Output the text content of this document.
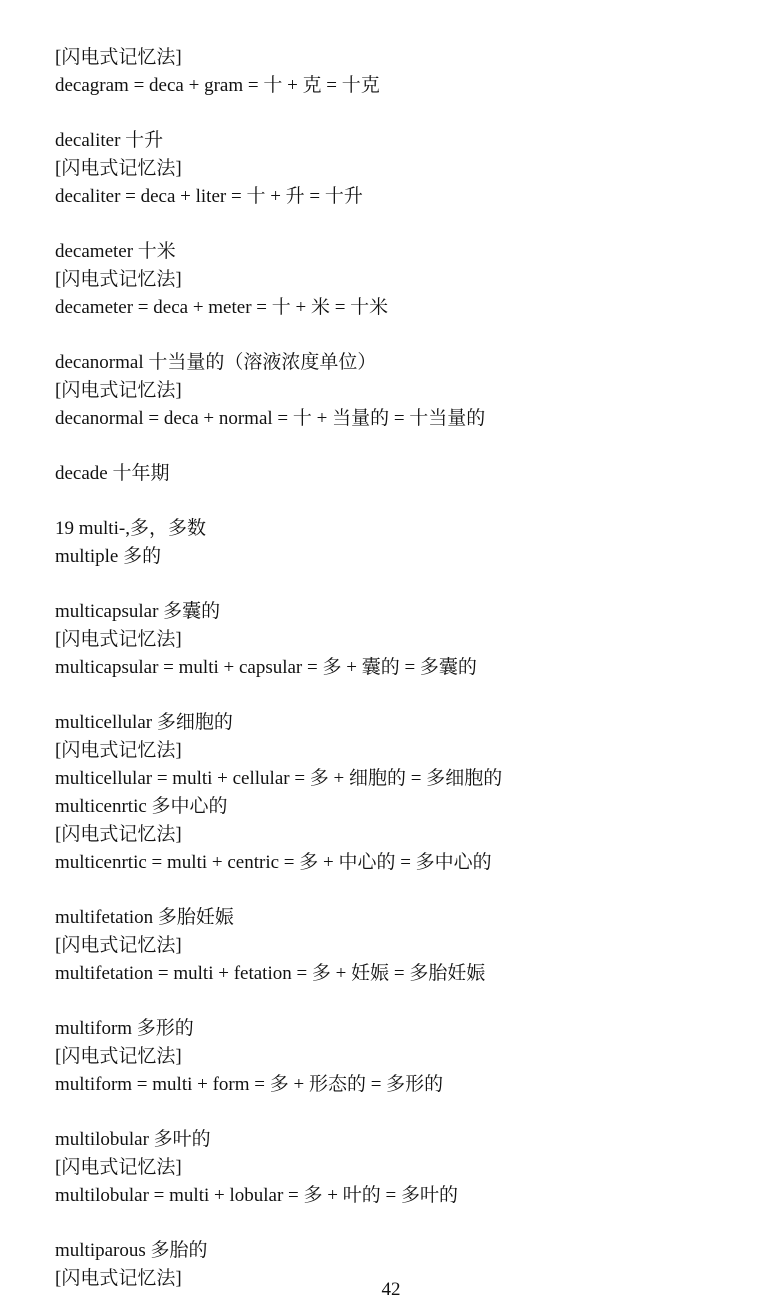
[闪电式记忆法]
decagram = deca + gram = 十 + 克 = 十克
decaliter 十升
[闪电式记忆法]
decaliter = deca + liter = 十 + 升 = 十升
decameter 十米
[闪电式记忆法]
decameter = deca + meter = 十 + 米 = 十米
decanormal 十当量的（溶液浓度单位）
[闪电式记忆法]
decanormal = deca + normal = 十 + 当量的 = 十当量的
decade 十年期
19 multi-,多，多数
multiple 多的
multicapsular 多囊的
[闪电式记忆法]
multicapsular = multi + capsular = 多 + 囊的 = 多囊的
multicellular 多细胞的
[闪电式记忆法]
multicellular = multi + cellular = 多 + 细胞的 = 多细胞的
multicenrtic 多中心的
[闪电式记忆法]
multicenrtic = multi + centric = 多 + 中心的 = 多中心的
multifetation 多胎妊娠
[闪电式记忆法]
multifetation = multi + fetation = 多 + 妊娠 = 多胎妊娠
multiform 多形的
[闪电式记忆法]
multiform = multi + form = 多 + 形态的 = 多形的
multilobular 多叶的
[闪电式记忆法]
multilobular = multi + lobular = 多 + 叶的 = 多叶的
multiparous 多胎的
[闪电式记忆法]
42
